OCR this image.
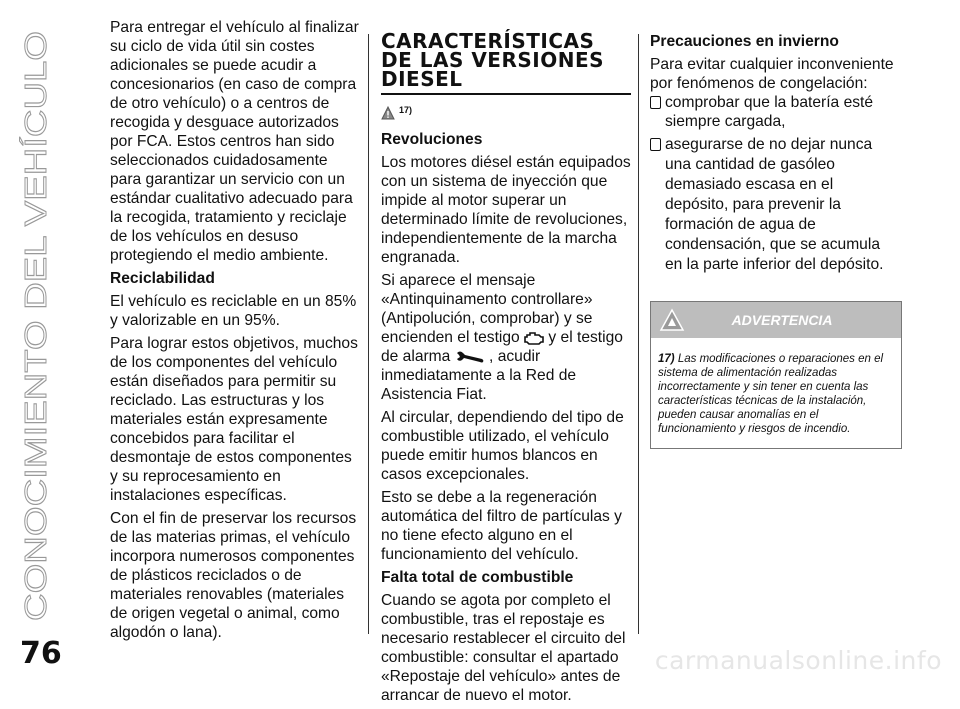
CONOCIMIENTO DEL VEHÍCULO
76

Para entregar el vehículo al finalizar su ciclo de vida útil sin costes adicionales se puede acudir a concesionarios (en caso de compra de otro vehículo) o a centros de recogida y desguace autorizados por FCA. Estos centros han sido seleccionados cuidadosamente para garantizar un servicio con un estándar cualitativo adecuado para la recogida, tratamiento y reciclaje de los vehículos en desuso protegiendo el medio ambiente.

Reciclabilidad

El vehículo es reciclable en un 85% y valorizable en un 95%.

Para lograr estos objetivos, muchos de los componentes del vehículo están diseñados para permitir su reciclado. Las estructuras y los materiales están expresamente concebidos para facilitar el desmontaje de estos componentes y su reprocesamiento en instalaciones específicas.

Con el fin de preservar los recursos de las materias primas, el vehículo incorpora numerosos componentes de plásticos reciclados o de materiales renovables (materiales de origen vegetal o animal, como algodón o lana).

CARACTERÍSTICAS DE LAS VERSIONES DIESEL
17)
Revoluciones

Los motores diésel están equipados con un sistema de inyección que impide al motor superar un determinado límite de revoluciones, independientemente de la marcha engranada.

Si aparece el mensaje «Antinquinamento controllare» (Antipolución, comprobar) y se encienden el testigo y el testigo de alarma , acudir inmediatamente a la Red de Asistencia Fiat.

Al circular, dependiendo del tipo de combustible utilizado, el vehículo puede emitir humos blancos en casos excepcionales.

Esto se debe a la regeneración automática del filtro de partículas y no tiene efecto alguno en el funcionamiento del vehículo.

Falta total de combustible

Cuando se agota por completo el combustible, tras el repostaje es necesario restablecer el circuito del combustible: consultar el apartado «Repostaje del vehículo» antes de arrancar de nuevo el motor.

Precauciones en invierno

Para evitar cualquier inconveniente por fenómenos de congelación:

comprobar que la batería esté siempre cargada,
asegurarse de no dejar nunca una cantidad de gasóleo demasiado escasa en el depósito, para prevenir la formación de agua de condensación, que se acumula en la parte inferior del depósito.
ADVERTENCIA
17) Las modificaciones o reparaciones en el sistema de alimentación realizadas incorrectamente y sin tener en cuenta las características técnicas de la instalación, pueden causar anomalías en el funcionamiento y riesgos de incendio.
carmanualsonline.info
